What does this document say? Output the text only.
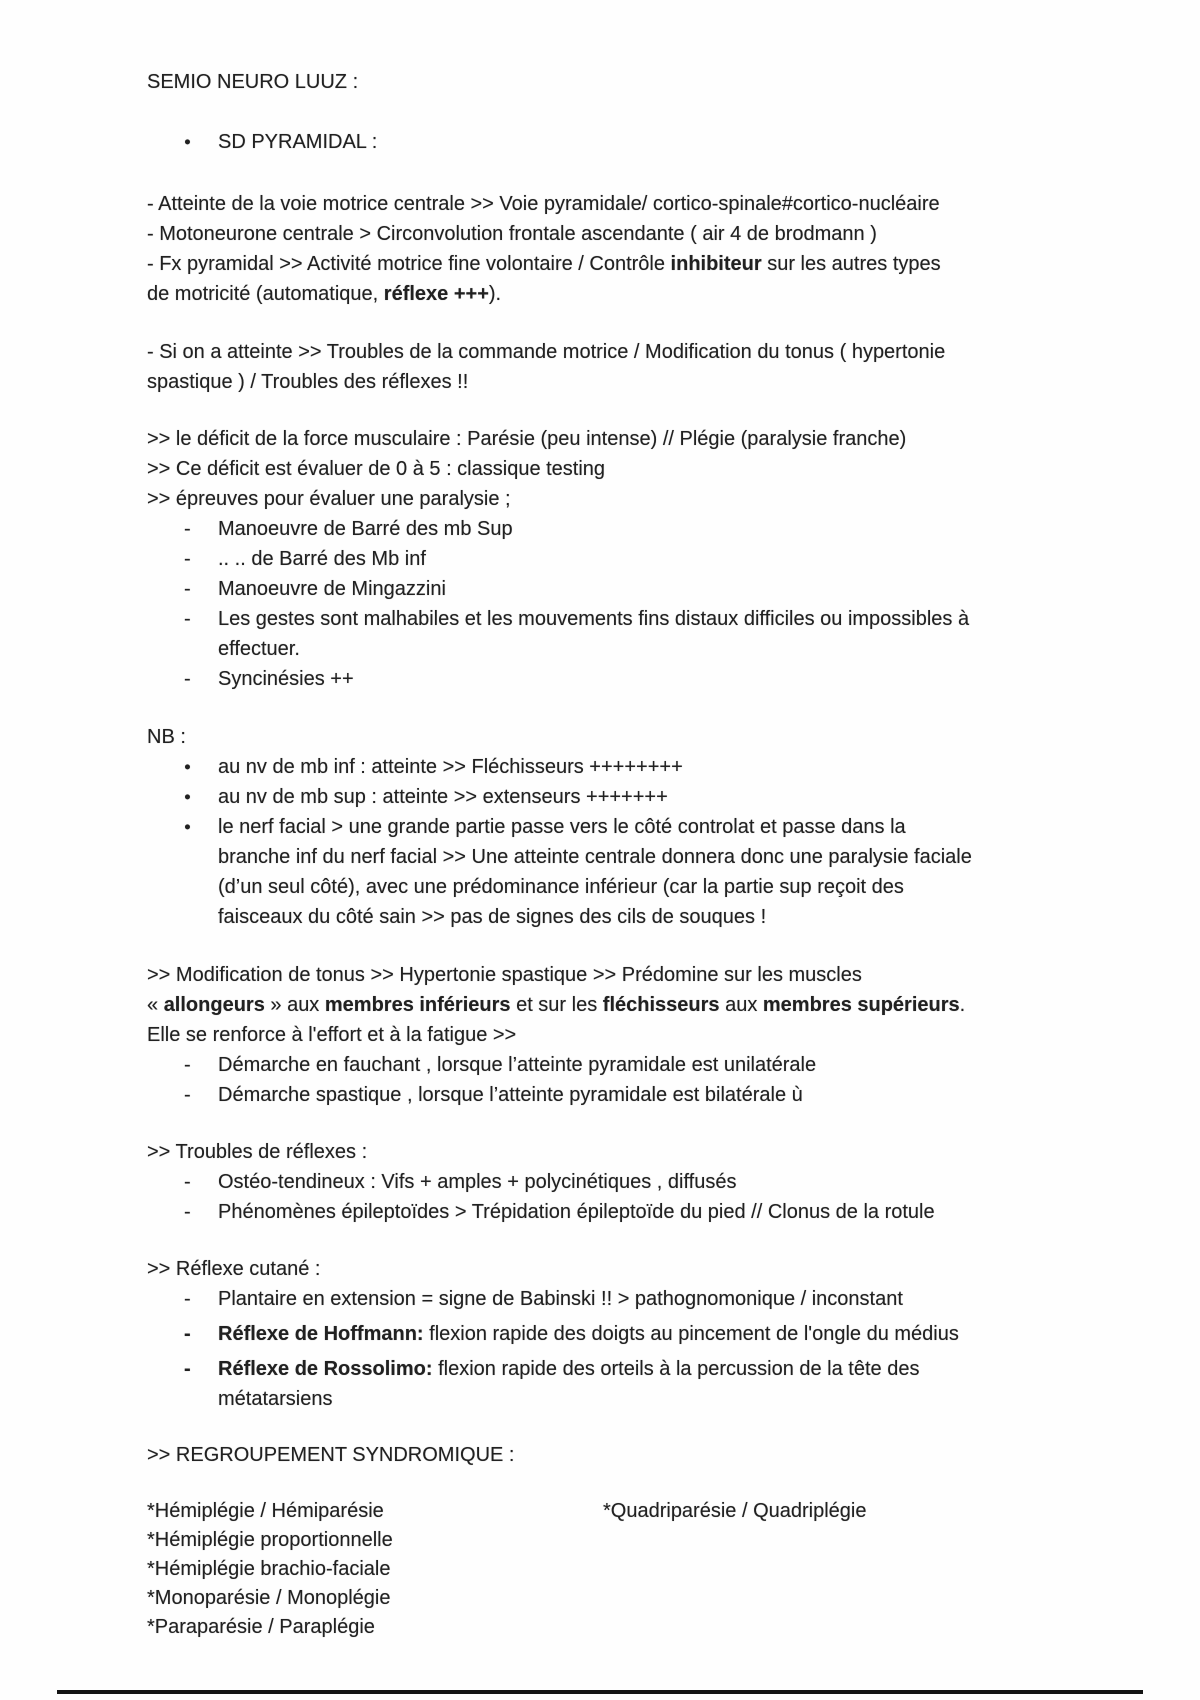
SEMIO NEURO LUUZ :
● SD PYRAMIDAL :
- Atteinte de la voie motrice centrale >> Voie pyramidale/ cortico-spinale#cortico-nucléaire
- Motoneurone centrale > Circonvolution frontale ascendante ( air 4 de brodmann )
- Fx pyramidal >> Activité motrice fine volontaire / Contrôle inhibiteur sur les autres types
de motricité (automatique, réflexe +++).
- Si on a atteinte >> Troubles de la commande motrice / Modification du tonus ( hypertonie
spastique ) / Troubles des réflexes !!
>> le déficit de la force musculaire : Parésie (peu intense) // Plégie (paralysie franche)
>> Ce déficit est évaluer de 0 à 5 : classique testing
>> épreuves pour évaluer une paralysie ;
- Manoeuvre de Barré des mb Sup
- .. .. de Barré des Mb inf
- Manoeuvre de Mingazzini
- Les gestes sont malhabiles et les mouvements fins distaux difficiles ou impossibles à
effectuer.
- Syncinésies ++
NB :
● au nv de mb inf : atteinte >> Fléchisseurs ++++++++
● au nv de mb sup : atteinte >> extenseurs +++++++
● le nerf facial > une grande partie passe vers le côté controlat et passe dans la
branche inf du nerf facial >> Une atteinte centrale donnera donc une paralysie faciale
(d’un seul côté), avec une prédominance inférieur (car la partie sup reçoit des
faisceaux du côté sain >> pas de signes des cils de souques !
>> Modification de tonus >> Hypertonie spastique >> Prédomine sur les muscles
« allongeurs » aux membres inférieurs et sur les fléchisseurs aux membres supérieurs.
Elle se renforce à l'effort et à la fatigue >>
- Démarche en fauchant , lorsque l’atteinte pyramidale est unilatérale
- Démarche spastique , lorsque l’atteinte pyramidale est bilatérale ù
>> Troubles de réflexes :
- Ostéo-tendineux : Vifs + amples + polycinétiques , diffusés
- Phénomènes épileptoïdes > Trépidation épileptoïde du pied // Clonus de la rotule
>> Réflexe cutané :
- Plantaire en extension = signe de Babinski !! > pathognomonique / inconstant
- Réflexe de Hoffmann: flexion rapide des doigts au pincement de l'ongle du médius
- Réflexe de Rossolimo: flexion rapide des orteils à la percussion de la tête des
métatarsiens
>> REGROUPEMENT SYNDROMIQUE :
*Hémiplégie / Hémiparésie
*Hémiplégie proportionnelle
*Hémiplégie brachio-faciale
*Monoparésie / Monoplégie
*Paraparésie / Paraplégie
*Quadriparésie / Quadriplégie
